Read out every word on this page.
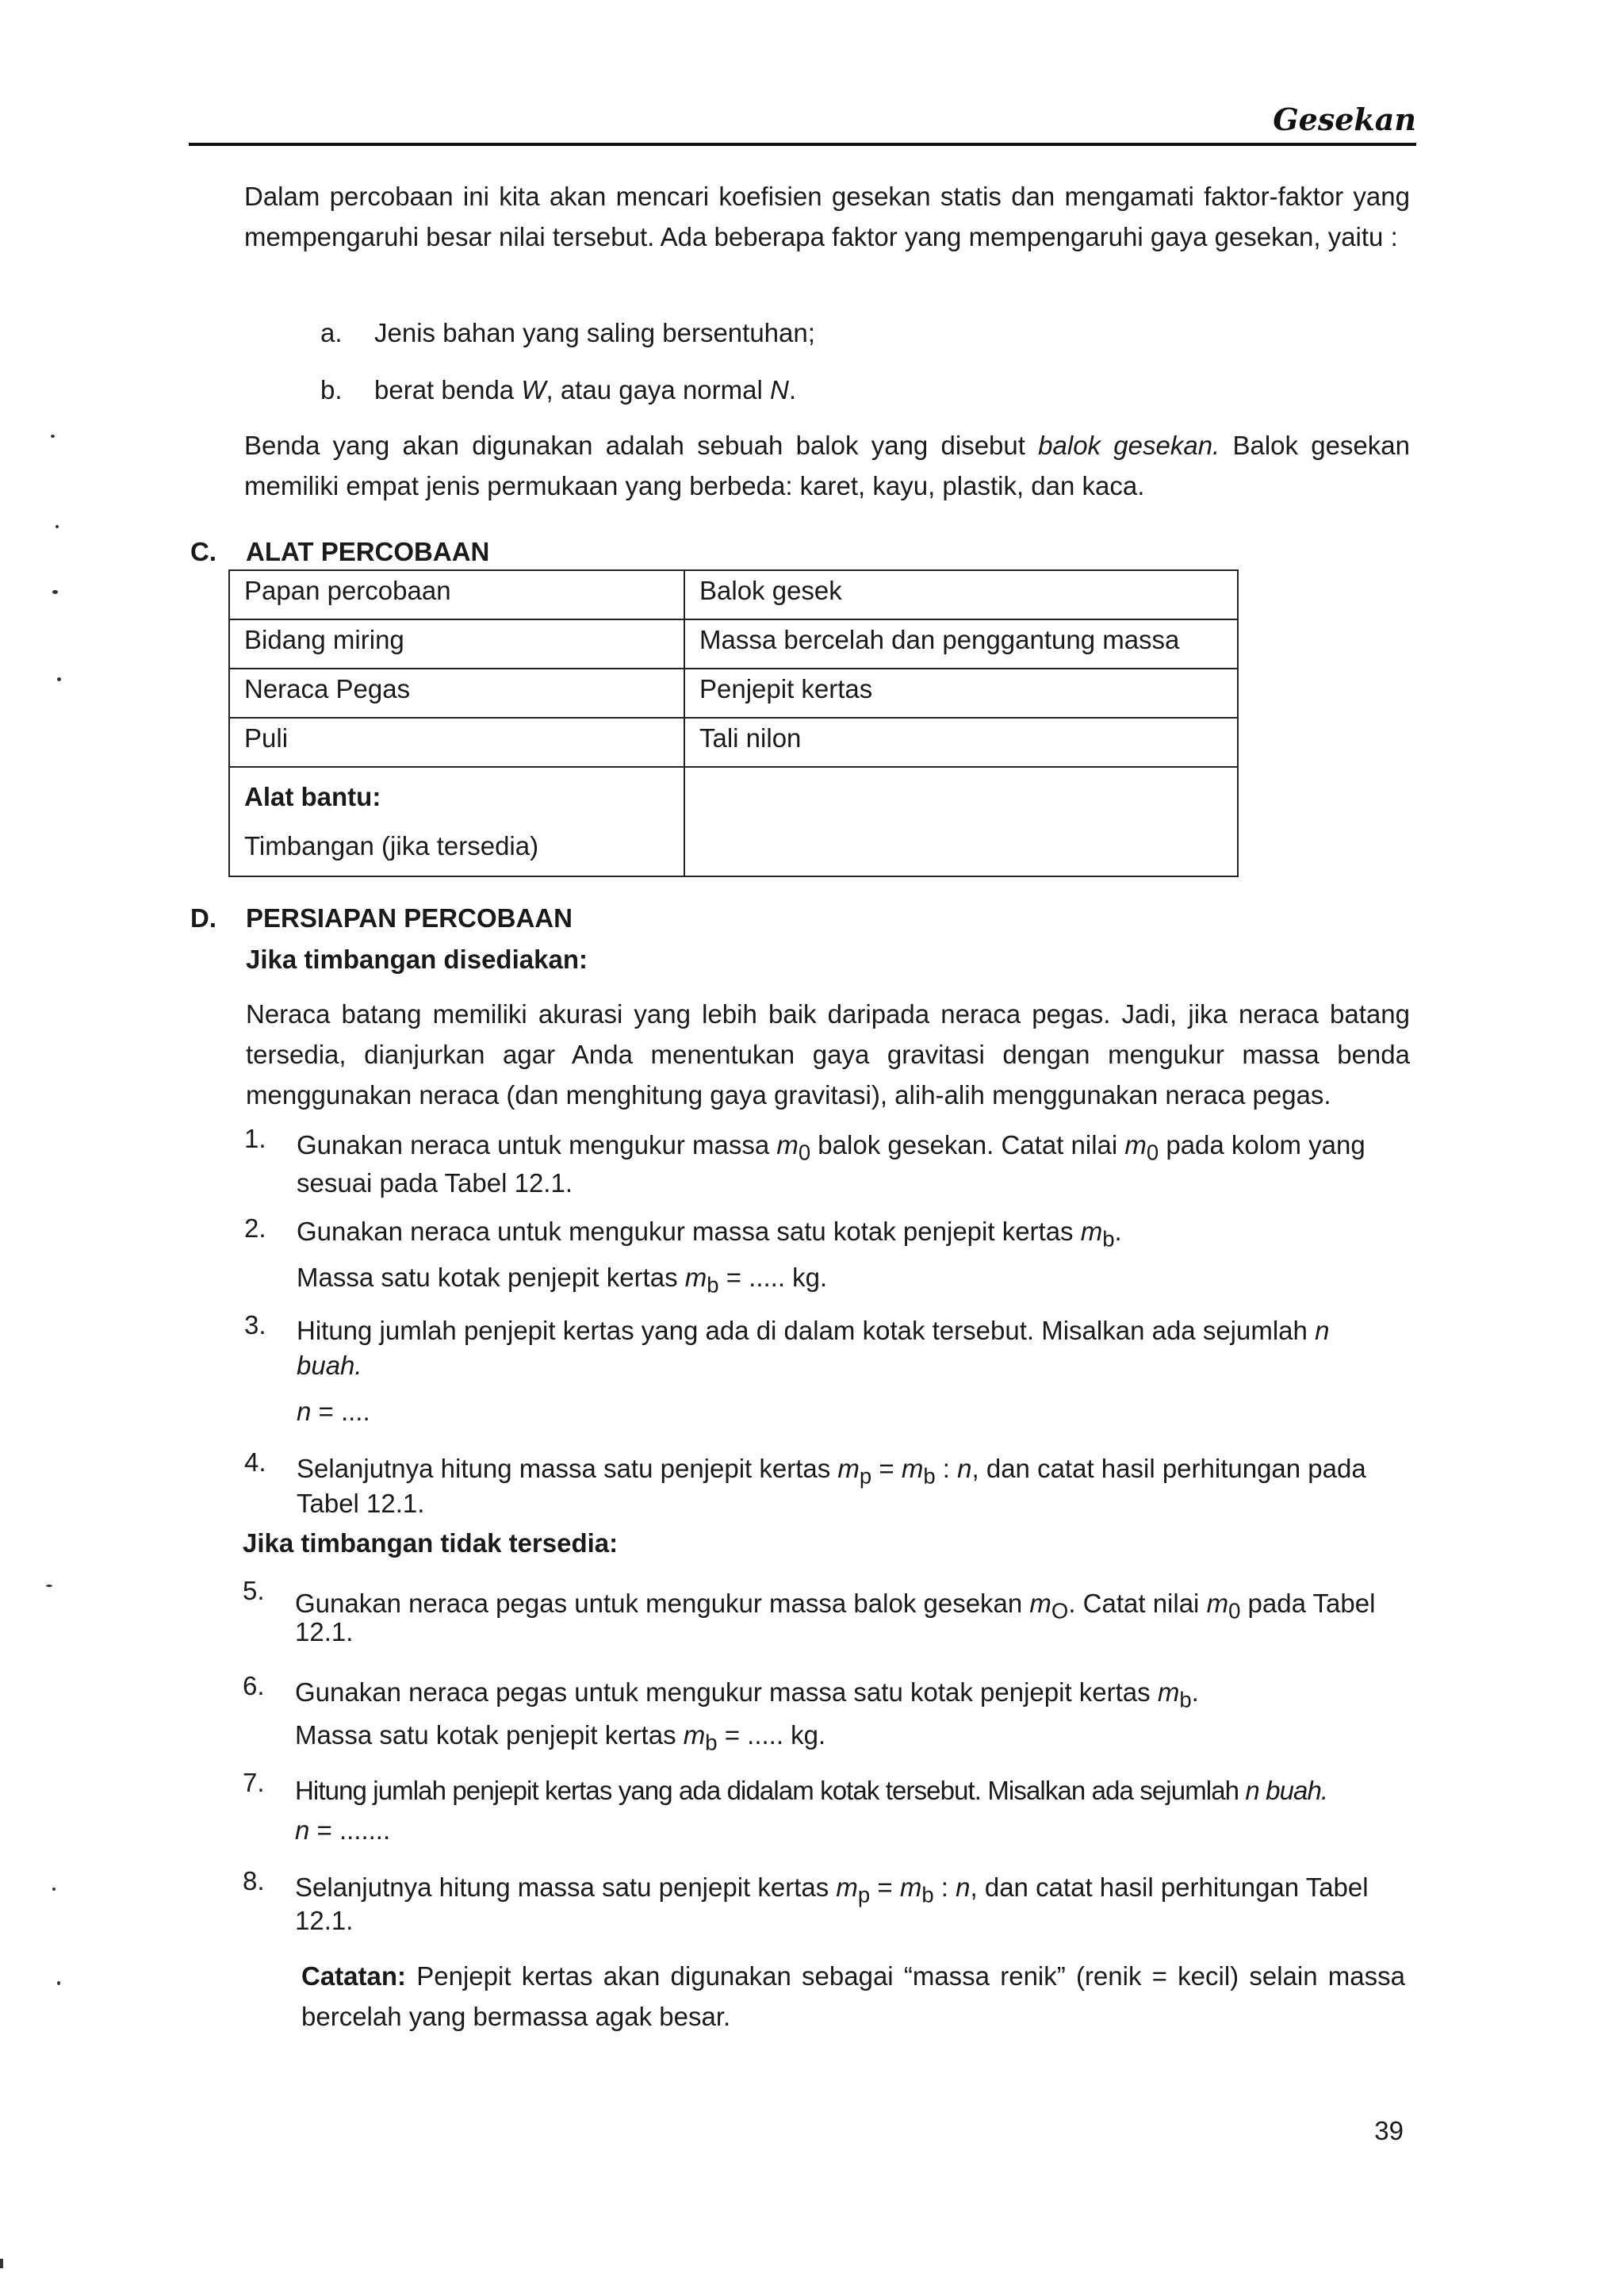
Gesekan
Dalam percobaan ini kita akan mencari koefisien gesekan statis dan mengamati faktor-faktor yang mempengaruhi besar nilai tersebut. Ada beberapa faktor yang mempengaruhi gaya gesekan, yaitu :
a. Jenis bahan yang saling bersentuhan;
b. berat benda W, atau gaya normal N.
Benda yang akan digunakan adalah sebuah balok yang disebut balok gesekan. Balok gesekan memiliki empat jenis permukaan yang berbeda: karet, kayu, plastik, dan kaca.
C. ALAT PERCOBAAN
Papan percobaan	Balok gesek
Bidang miring	Massa bercelah dan penggantung massa
Neraca Pegas	Penjepit kertas
Puli	Tali nilon

Alat bantu:
Timbangan (jika tersedia)	

D. PERSIAPAN PERCOBAAN
Jika timbangan disediakan:
Neraca batang memiliki akurasi yang lebih baik daripada neraca pegas. Jadi, jika neraca batang tersedia, dianjurkan agar Anda menentukan gaya gravitasi dengan mengukur massa benda menggunakan neraca (dan menghitung gaya gravitasi), alih-alih menggunakan neraca pegas.
1. Gunakan neraca untuk mengukur massa $m_0$ balok gesekan. Catat nilai $m_0$ pada kolom yang
sesuai pada Tabel 12.1.
2. Gunakan neraca untuk mengukur massa satu kotak penjepit kertas $m_b$.
Massa satu kotak penjepit kertas $m_b$ = ..... kg.
3. Hitung jumlah penjepit kertas yang ada di dalam kotak tersebut. Misalkan ada sejumlah n
buah.
n = ....
4. Selanjutnya hitung massa satu penjepit kertas $m_p = m_b$ : n, dan catat hasil perhitungan pada
Tabel 12.1.
Jika timbangan tidak tersedia:
5. Gunakan neraca pegas untuk mengukur massa balok gesekan $m_O$. Catat nilai $m_0$ pada Tabel
12.1.
6. Gunakan neraca pegas untuk mengukur massa satu kotak penjepit kertas $m_b$.
Massa satu kotak penjepit kertas $m_b$ = ..... kg.
7. Hitung jumlah penjepit kertas yang ada didalam kotak tersebut. Misalkan ada sejumlah n buah.
n = .......
8. Selanjutnya hitung massa satu penjepit kertas $m_p = m_b$ : n, dan catat hasil perhitungan Tabel
12.1.
Catatan: Penjepit kertas akan digunakan sebagai “massa renik” (renik = kecil) selain massa bercelah yang bermassa agak besar.
39
